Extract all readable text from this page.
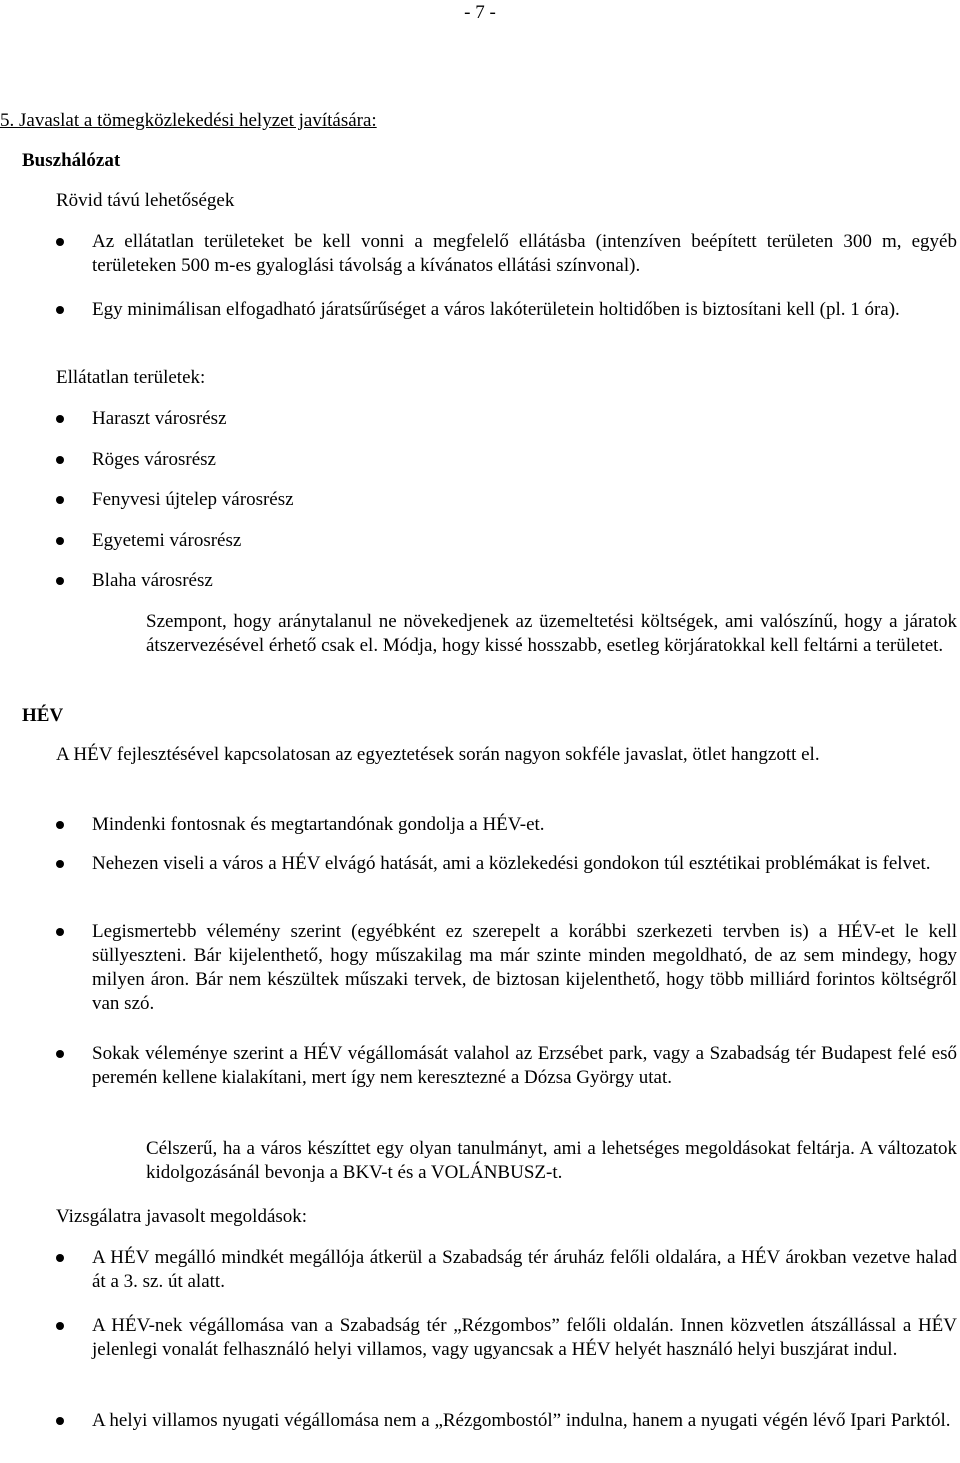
- 7 -
5. Javaslat a tömegközlekedési helyzet javítására:
Buszhálózat
Rövid távú lehetőségek
Az ellátatlan területeket be kell vonni a megfelelő ellátásba (intenzíven beépített területen 300 m, egyéb területeken 500 m-es gyaloglási távolság a kívánatos ellátási színvonal).
Egy minimálisan elfogadható járatsűrűséget a város lakóterületein holtidőben is biztosítani kell (pl. 1 óra).
Ellátatlan területek:
Haraszt városrész
Röges városrész
Fenyvesi újtelep városrész
Egyetemi városrész
Blaha városrész
Szempont, hogy aránytalanul ne növekedjenek az üzemeltetési költségek, ami valószínű, hogy a járatok átszervezésével érhető csak el. Módja, hogy kissé hosszabb, esetleg körjáratokkal kell feltárni a területet.
HÉV
A HÉV fejlesztésével kapcsolatosan az egyeztetések során nagyon sokféle javaslat, ötlet hangzott el.
Mindenki fontosnak és megtartandónak gondolja a HÉV-et.
Nehezen viseli a város a HÉV elvágó hatását, ami a közlekedési gondokon túl esztétikai problémákat is felvet.
Legismertebb vélemény szerint (egyébként ez szerepelt a korábbi szerkezeti tervben is) a HÉV-et le kell süllyeszteni. Bár kijelenthető, hogy műszakilag ma már szinte minden megoldható, de az sem mindegy, hogy milyen áron. Bár nem készültek műszaki tervek, de biztosan kijelenthető, hogy több milliárd forintos költségről van szó.
Sokak véleménye szerint a HÉV végállomását valahol az Erzsébet park, vagy a Szabadság tér Budapest felé eső peremén kellene kialakítani, mert így nem keresztezné a Dózsa György utat.
Célszerű, ha a város készíttet egy olyan tanulmányt, ami a lehetséges megoldásokat feltárja. A változatok kidolgozásánál bevonja a BKV-t és a VOLÁNBUSZ-t.
Vizsgálatra javasolt megoldások:
A HÉV megálló mindkét megállója átkerül a Szabadság tér áruház felőli oldalára, a HÉV árokban vezetve halad át a 3. sz. út alatt.
A HÉV-nek végállomása van a Szabadság tér „Rézgombos” felőli oldalán. Innen közvetlen átszállással a HÉV jelenlegi vonalát felhasználó helyi villamos, vagy ugyancsak a HÉV helyét használó helyi buszjárat indul.
A helyi villamos nyugati végállomása nem a „Rézgombostól” indulna, hanem a nyugati végén lévő Ipari Parktól.
